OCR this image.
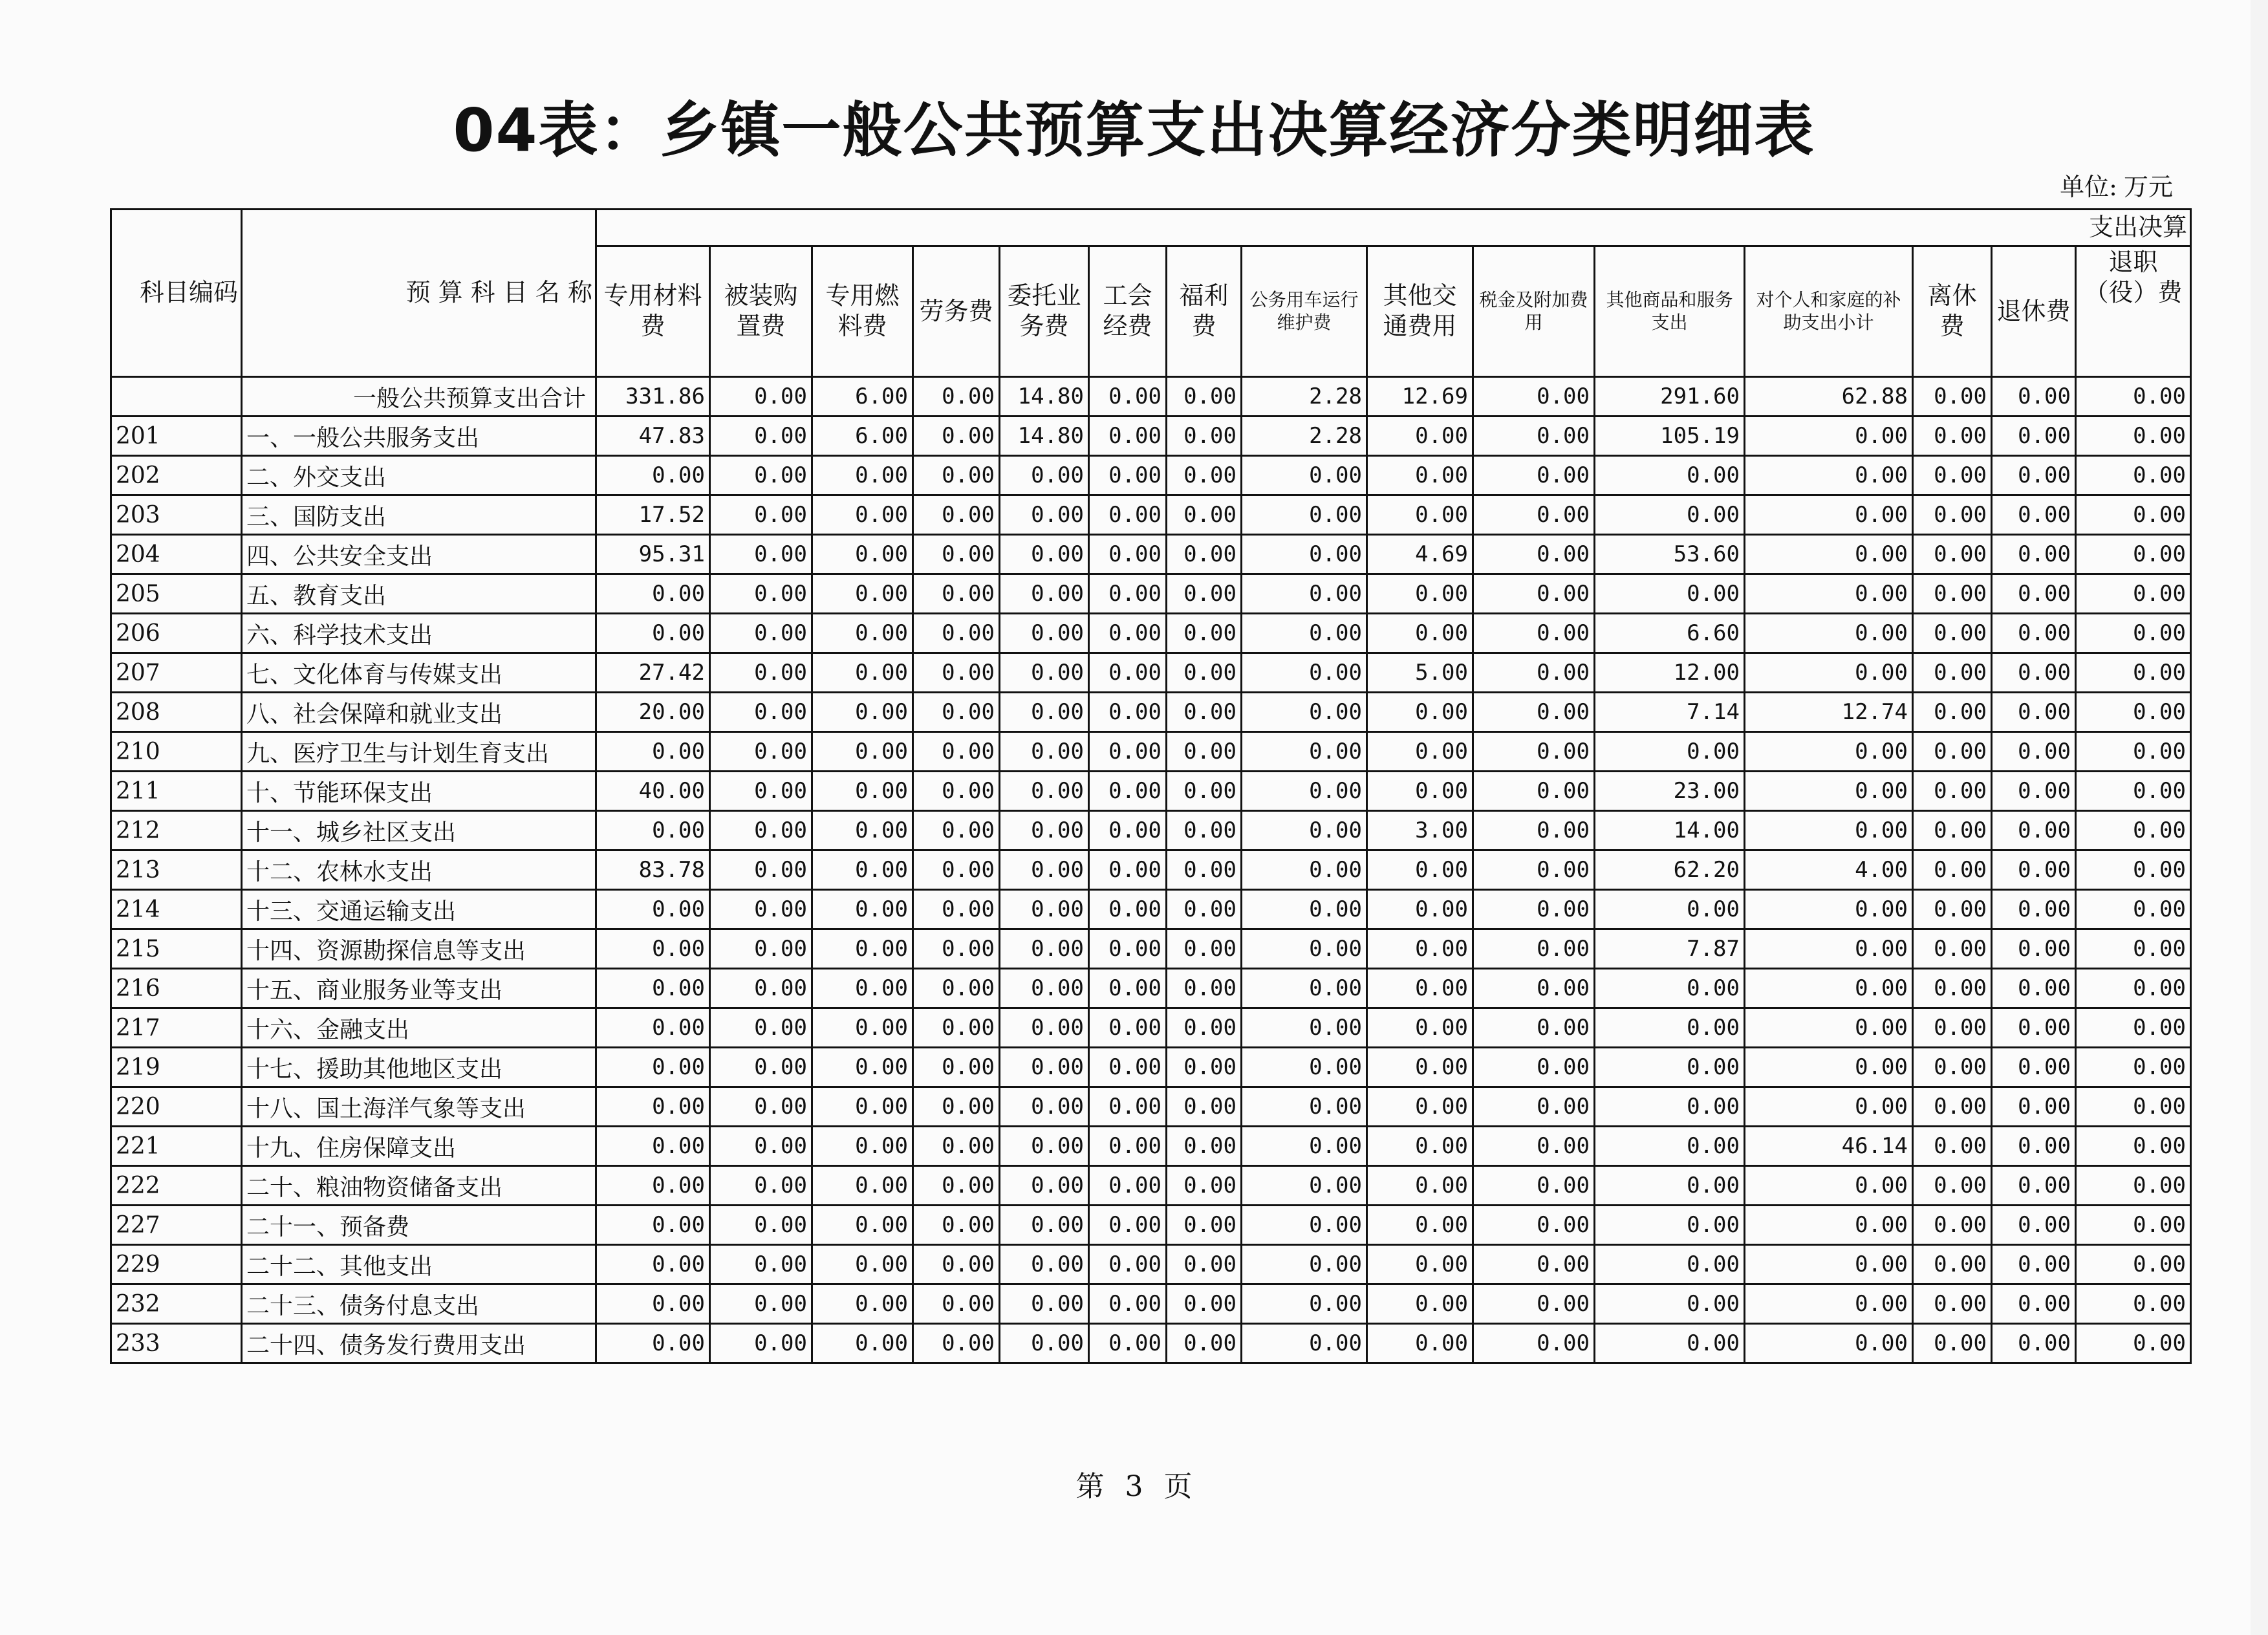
04表：乡镇一般公共预算支出决算经济分类明细表
单位: 万元
科目编码	预 算 科 目 名 称	支出决算														
		专用材料费	被装购置费	专用燃料费	劳务费	委托业务费	工会经费	福利费	公务用车运行维护费	其他交通费用	税金及附加费用	其他商品和服务支出	对个人和家庭的补助支出小计	离休费	退休费	退职（役）费
	一般公共预算支出合计	331.86	0.00	6.00	0.00	14.80	0.00	0.00	2.28	12.69	0.00	291.60	62.88	0.00	0.00	0.00
201	一、一般公共服务支出	47.83	0.00	6.00	0.00	14.80	0.00	0.00	2.28	0.00	0.00	105.19	0.00	0.00	0.00	0.00
202	二、外交支出	0.00	0.00	0.00	0.00	0.00	0.00	0.00	0.00	0.00	0.00	0.00	0.00	0.00	0.00	0.00
203	三、国防支出	17.52	0.00	0.00	0.00	0.00	0.00	0.00	0.00	0.00	0.00	0.00	0.00	0.00	0.00	0.00
204	四、公共安全支出	95.31	0.00	0.00	0.00	0.00	0.00	0.00	0.00	4.69	0.00	53.60	0.00	0.00	0.00	0.00
205	五、教育支出	0.00	0.00	0.00	0.00	0.00	0.00	0.00	0.00	0.00	0.00	0.00	0.00	0.00	0.00	0.00
206	六、科学技术支出	0.00	0.00	0.00	0.00	0.00	0.00	0.00	0.00	0.00	0.00	6.60	0.00	0.00	0.00	0.00
207	七、文化体育与传媒支出	27.42	0.00	0.00	0.00	0.00	0.00	0.00	0.00	5.00	0.00	12.00	0.00	0.00	0.00	0.00
208	八、社会保障和就业支出	20.00	0.00	0.00	0.00	0.00	0.00	0.00	0.00	0.00	0.00	7.14	12.74	0.00	0.00	0.00
210	九、医疗卫生与计划生育支出	0.00	0.00	0.00	0.00	0.00	0.00	0.00	0.00	0.00	0.00	0.00	0.00	0.00	0.00	0.00
211	十、节能环保支出	40.00	0.00	0.00	0.00	0.00	0.00	0.00	0.00	0.00	0.00	23.00	0.00	0.00	0.00	0.00
212	十一、城乡社区支出	0.00	0.00	0.00	0.00	0.00	0.00	0.00	0.00	3.00	0.00	14.00	0.00	0.00	0.00	0.00
213	十二、农林水支出	83.78	0.00	0.00	0.00	0.00	0.00	0.00	0.00	0.00	0.00	62.20	4.00	0.00	0.00	0.00
214	十三、交通运输支出	0.00	0.00	0.00	0.00	0.00	0.00	0.00	0.00	0.00	0.00	0.00	0.00	0.00	0.00	0.00
215	十四、资源勘探信息等支出	0.00	0.00	0.00	0.00	0.00	0.00	0.00	0.00	0.00	0.00	7.87	0.00	0.00	0.00	0.00
216	十五、商业服务业等支出	0.00	0.00	0.00	0.00	0.00	0.00	0.00	0.00	0.00	0.00	0.00	0.00	0.00	0.00	0.00
217	十六、金融支出	0.00	0.00	0.00	0.00	0.00	0.00	0.00	0.00	0.00	0.00	0.00	0.00	0.00	0.00	0.00
219	十七、援助其他地区支出	0.00	0.00	0.00	0.00	0.00	0.00	0.00	0.00	0.00	0.00	0.00	0.00	0.00	0.00	0.00
220	十八、国土海洋气象等支出	0.00	0.00	0.00	0.00	0.00	0.00	0.00	0.00	0.00	0.00	0.00	0.00	0.00	0.00	0.00
221	十九、住房保障支出	0.00	0.00	0.00	0.00	0.00	0.00	0.00	0.00	0.00	0.00	0.00	46.14	0.00	0.00	0.00
222	二十、粮油物资储备支出	0.00	0.00	0.00	0.00	0.00	0.00	0.00	0.00	0.00	0.00	0.00	0.00	0.00	0.00	0.00
227	二十一、预备费	0.00	0.00	0.00	0.00	0.00	0.00	0.00	0.00	0.00	0.00	0.00	0.00	0.00	0.00	0.00
229	二十二、其他支出	0.00	0.00	0.00	0.00	0.00	0.00	0.00	0.00	0.00	0.00	0.00	0.00	0.00	0.00	0.00
232	二十三、债务付息支出	0.00	0.00	0.00	0.00	0.00	0.00	0.00	0.00	0.00	0.00	0.00	0.00	0.00	0.00	0.00
233	二十四、债务发行费用支出	0.00	0.00	0.00	0.00	0.00	0.00	0.00	0.00	0.00	0.00	0.00	0.00	0.00	0.00	0.00
第 3 页
